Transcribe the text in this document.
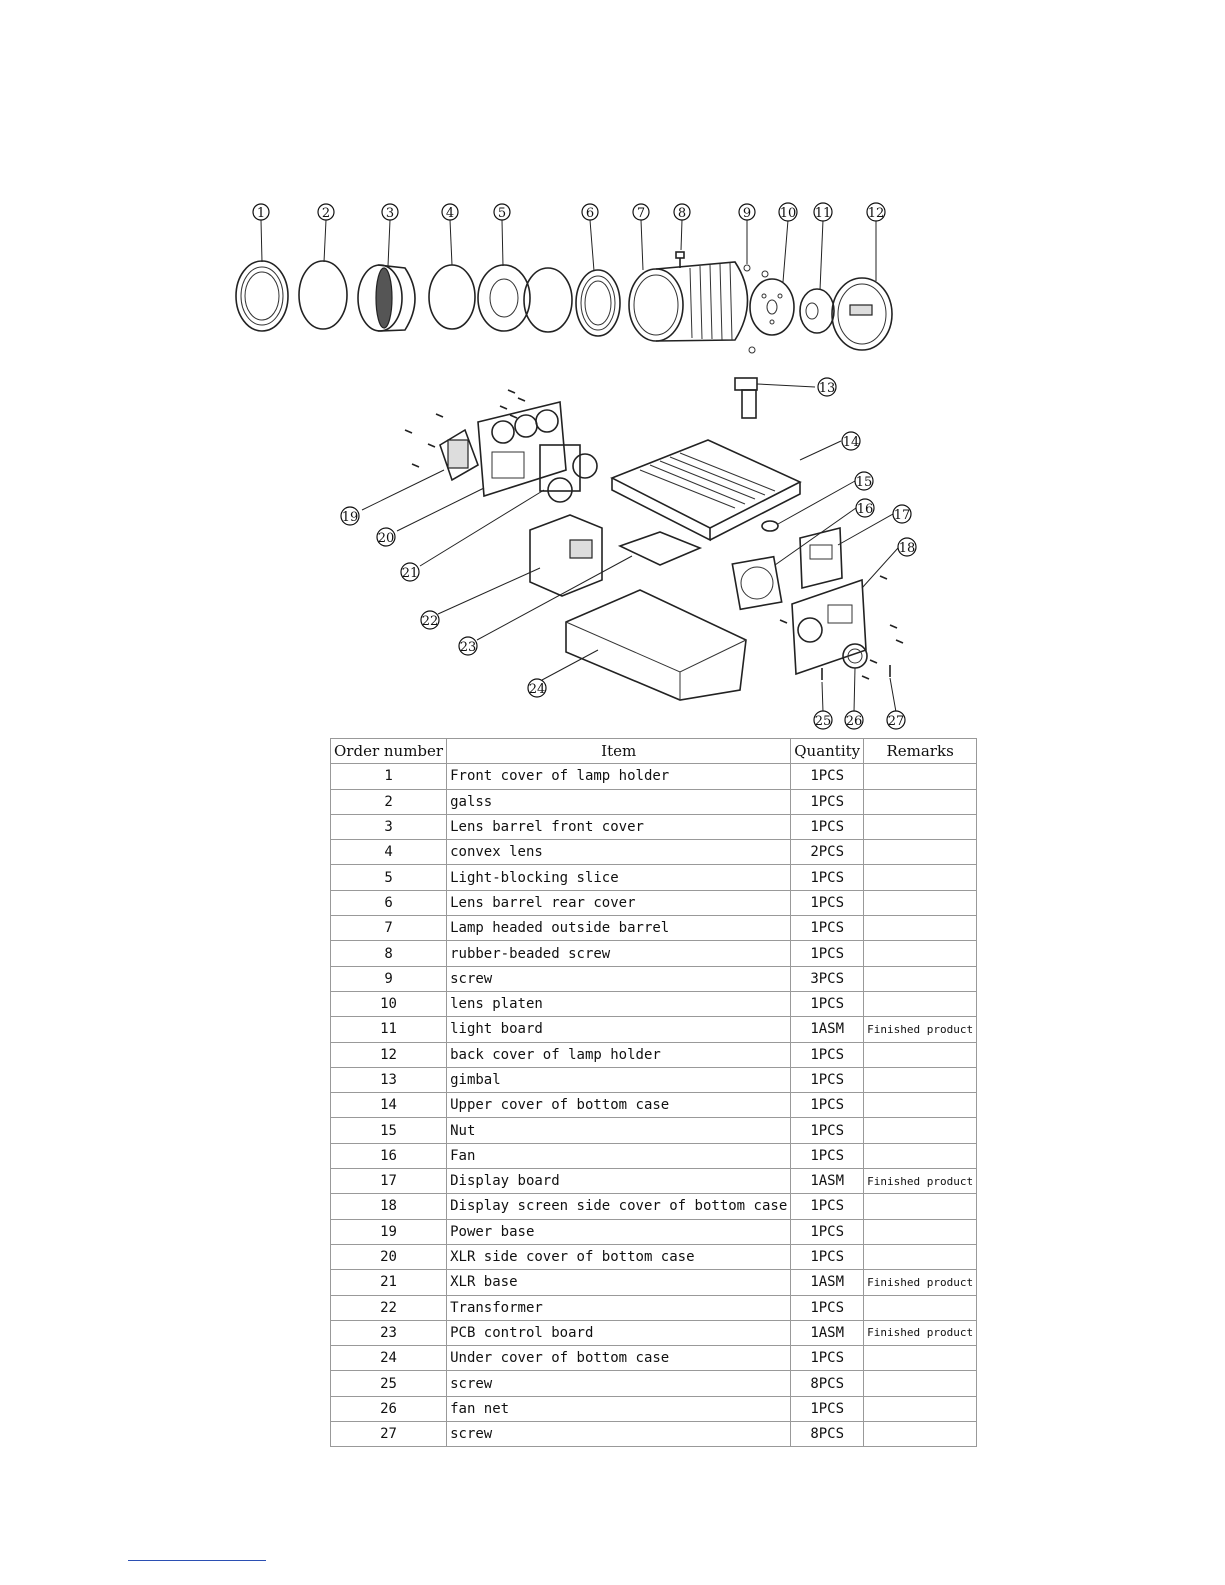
1	2	3	4	5	6	7	8	9 10 11	12
13
14
15
16 17
18
19
20
21
22
23
24
25 26 27
Order number	Item	Quantity	Remarks
1	Front cover of lamp holder	1PCS	
2	galss	1PCS	
3	Lens barrel front cover	1PCS	
4	convex lens	2PCS	
5	Light-blocking slice	1PCS	
6	Lens barrel rear cover	1PCS	
7	Lamp headed outside barrel	1PCS	
8	rubber-beaded screw	1PCS	
9	screw	3PCS	
10	lens platen	1PCS	
11	light board	1ASM	Finished product
12	back cover of lamp holder	1PCS	
13	gimbal	1PCS	
14	Upper cover of bottom case	1PCS	
15	Nut	1PCS	
16	Fan	1PCS	
17	Display board	1ASM	Finished product
18	Display screen side cover of bottom case	1PCS	
19	Power base	1PCS	
20	XLR side cover of bottom case	1PCS	
21	XLR base	1ASM	Finished product
22	Transformer	1PCS	
23	PCB control board	1ASM	Finished product
24	Under cover of bottom case	1PCS	
25	screw	8PCS	
26	fan net	1PCS	
27	screw	8PCS	
